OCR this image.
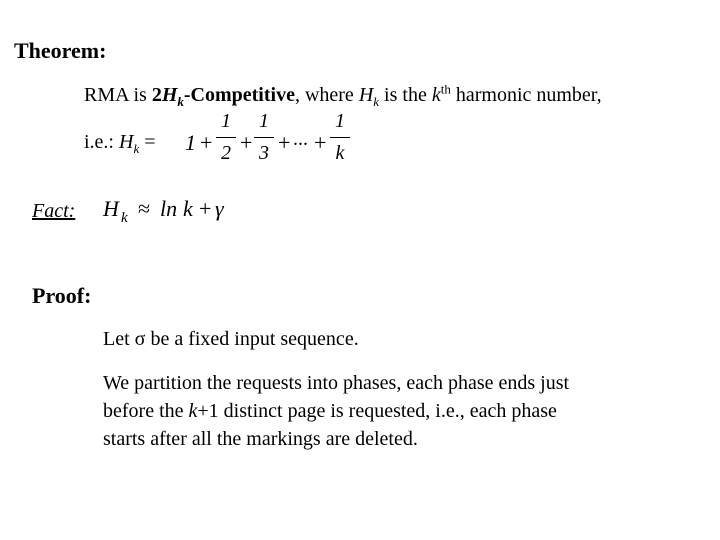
Theorem:
RMA is $2H_k$-Competitive, where $H_k$ is the $k^{th}$ harmonic number,
i.e.: $H_k = 1$ +
1
2 +
1
3 + ... +
1
k
Fact: H k ≈ ln k + γ
Proof:
Let σ be a fixed input sequence.
We partition the requests into phases, each phase ends just
before the k+1 distinct page is requested, i.e., each phase
starts after all the markings are deleted.
